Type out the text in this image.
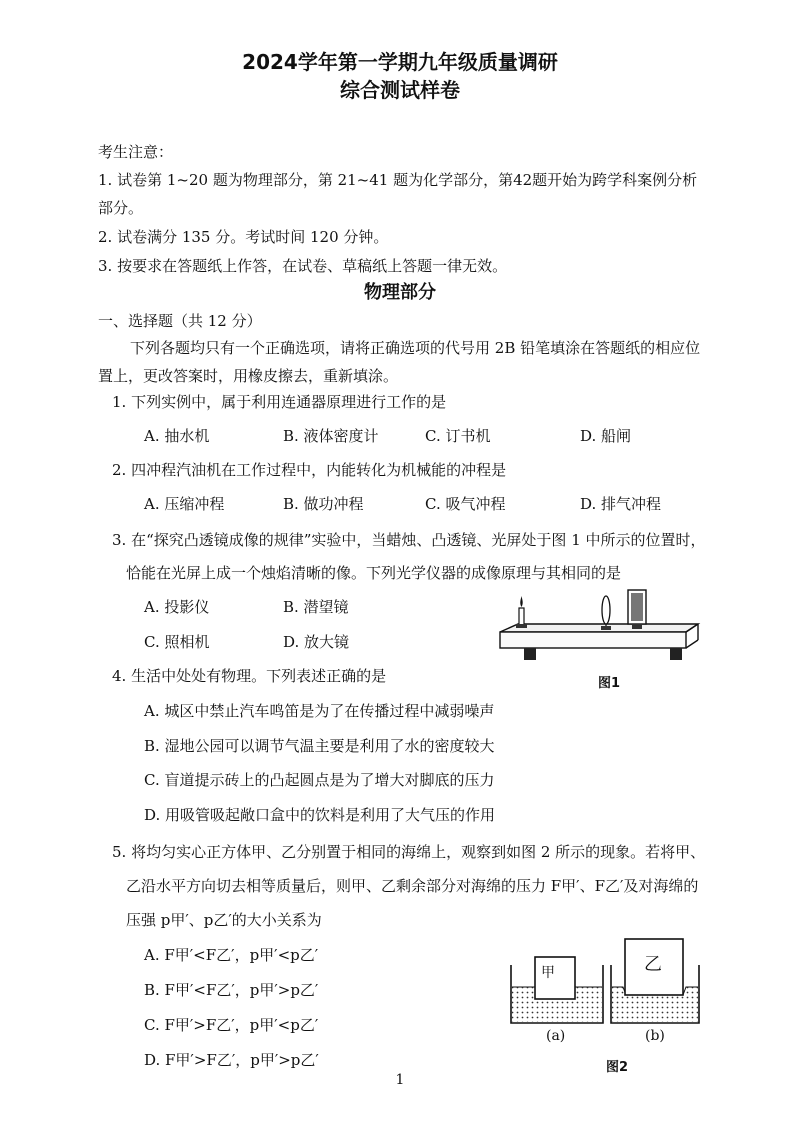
2024学年第一学期九年级质量调研
综合测试样卷
考生注意：
1. 试卷第 1~20 题为物理部分，第 21~41 题为化学部分，第42题开始为跨学科案例分析
部分。
2. 试卷满分 135 分。考试时间 120 分钟。
3. 按要求在答题纸上作答，在试卷、草稿纸上答题一律无效。
物理部分
一、选择题（共 12 分）
下列各题均只有一个正确选项，请将正确选项的代号用 2B 铅笔填涂在答题纸的相应位
置上，更改答案时，用橡皮擦去，重新填涂。
1. 下列实例中，属于利用连通器原理进行工作的是
A. 抽水机	B. 液体密度计	C. 订书机	D. 船闸
2. 四冲程汽油机在工作过程中，内能转化为机械能的冲程是
A. 压缩冲程	B. 做功冲程	C. 吸气冲程	D. 排气冲程
3. 在“探究凸透镜成像的规律”实验中，当蜡烛、凸透镜、光屏处于图 1 中所示的位置时，
恰能在光屏上成一个烛焰清晰的像。下列光学仪器的成像原理与其相同的是
A. 投影仪	B. 潜望镜
C. 照相机	D. 放大镜
图1
4. 生活中处处有物理。下列表述正确的是
A. 城区中禁止汽车鸣笛是为了在传播过程中减弱噪声
B. 湿地公园可以调节气温主要是利用了水的密度较大
C. 盲道提示砖上的凸起圆点是为了增大对脚底的压力
D. 用吸管吸起敞口盒中的饮料是利用了大气压的作用
5. 将均匀实心正方体甲、乙分别置于相同的海绵上，观察到如图 2 所示的现象。若将甲、
乙沿水平方向切去相等质量后，则甲、乙剩余部分对海绵的压力 F甲′、F乙′及对海绵的
压强 p甲′、p乙′的大小关系为
A. F甲′<F乙′，p甲′<p乙′
B. F甲′<F乙′，p甲′>p乙′
C. F甲′>F乙′，p甲′<p乙′
D. F甲′>F乙′，p甲′>p乙′
甲	乙
(a)	(b)
图2
1
